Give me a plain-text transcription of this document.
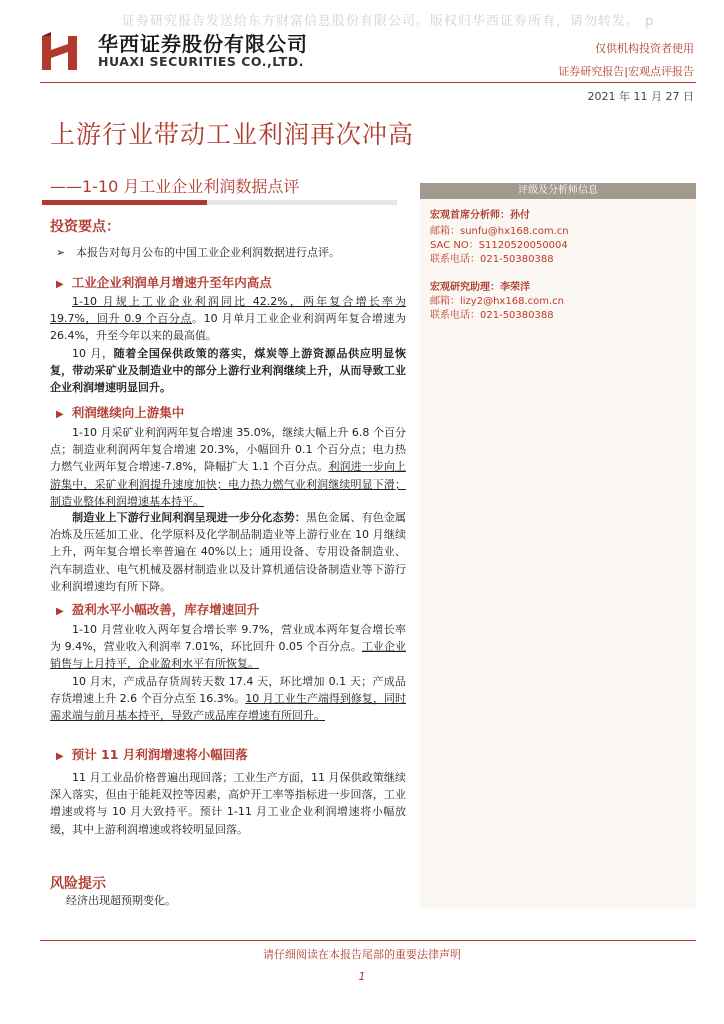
证券研究报告发送给东方财富信息股份有限公司。版权归华西证券所有，请勿转发。 p
华西证券股份有限公司
HUAXI SECURITIES CO.,LTD.
仅供机构投资者使用
证券研究报告|宏观点评报告
2021 年 11 月 27 日
上游行业带动工业利润再次冲高
——1-10 月工业企业利润数据点评	评级及分析师信息
宏观首席分析师：孙付
邮箱：sunfu@hx168.com.cn
SAC NO：S1120520050004
联系电话：021-50380388
宏观研究助理：李荣洋
邮箱：lizy2@hx168.com.cn
联系电话：021-50380388
投资要点：
➢ 本报告对每月公布的中国工业企业利润数据进行点评。
▶ 工业企业利润单月增速升至年内高点
1-10 月规上工业企业利润同比 42.2%，两年复合增长率为 19.7%，回升 0.9 个百分点。10 月单月工业企业利润两年复合增速为 26.4%，升至今年以来的最高值。
10 月，随着全国保供政策的落实，煤炭等上游资源品供应明显恢复，带动采矿业及制造业中的部分上游行业利润继续上升，从而导致工业企业利润增速明显回升。
▶ 利润继续向上游集中
1-10 月采矿业利润两年复合增速 35.0%，继续大幅上升 6.8 个百分点；制造业利润两年复合增速 20.3%，小幅回升 0.1 个百分点；电力热力燃气业两年复合增速-7.8%，降幅扩大 1.1 个百分点。利润进一步向上游集中，采矿业利润提升速度加快；电力热力燃气业利润继续明显下滑；制造业整体利润增速基本持平。
制造业上下游行业间利润呈现进一步分化态势：黑色金属、有色金属冶炼及压延加工业、化学原料及化学制品制造业等上游行业在 10 月继续上升，两年复合增长率普遍在 40%以上；通用设备、专用设备制造业、汽车制造业、电气机械及器材制造业以及计算机通信设备制造业等下游行业利润增速均有所下降。
▶ 盈利水平小幅改善，库存增速回升
1-10 月营业收入两年复合增长率 9.7%，营业成本两年复合增长率为 9.4%，营业收入利润率 7.01%，环比回升 0.05 个百分点。工业企业销售与上月持平，企业盈利水平有所恢复。
10 月末，产成品存货周转天数 17.4 天，环比增加 0.1 天；产成品存货增速上升 2.6 个百分点至 16.3%。10 月工业生产端得到修复，同时需求端与前月基本持平，导致产成品库存增速有所回升。
▶ 预计 11 月利润增速将小幅回落
11 月工业品价格普遍出现回落；工业生产方面，11 月保供政策继续深入落实，但由于能耗双控等因素，高炉开工率等指标进一步回落，工业增速或将与 10 月大致持平。预计 1-11 月工业企业利润增速将小幅放缓，其中上游利润增速或将较明显回落。
风险提示
经济出现超预期变化。
请仔细阅读在本报告尾部的重要法律声明
1
